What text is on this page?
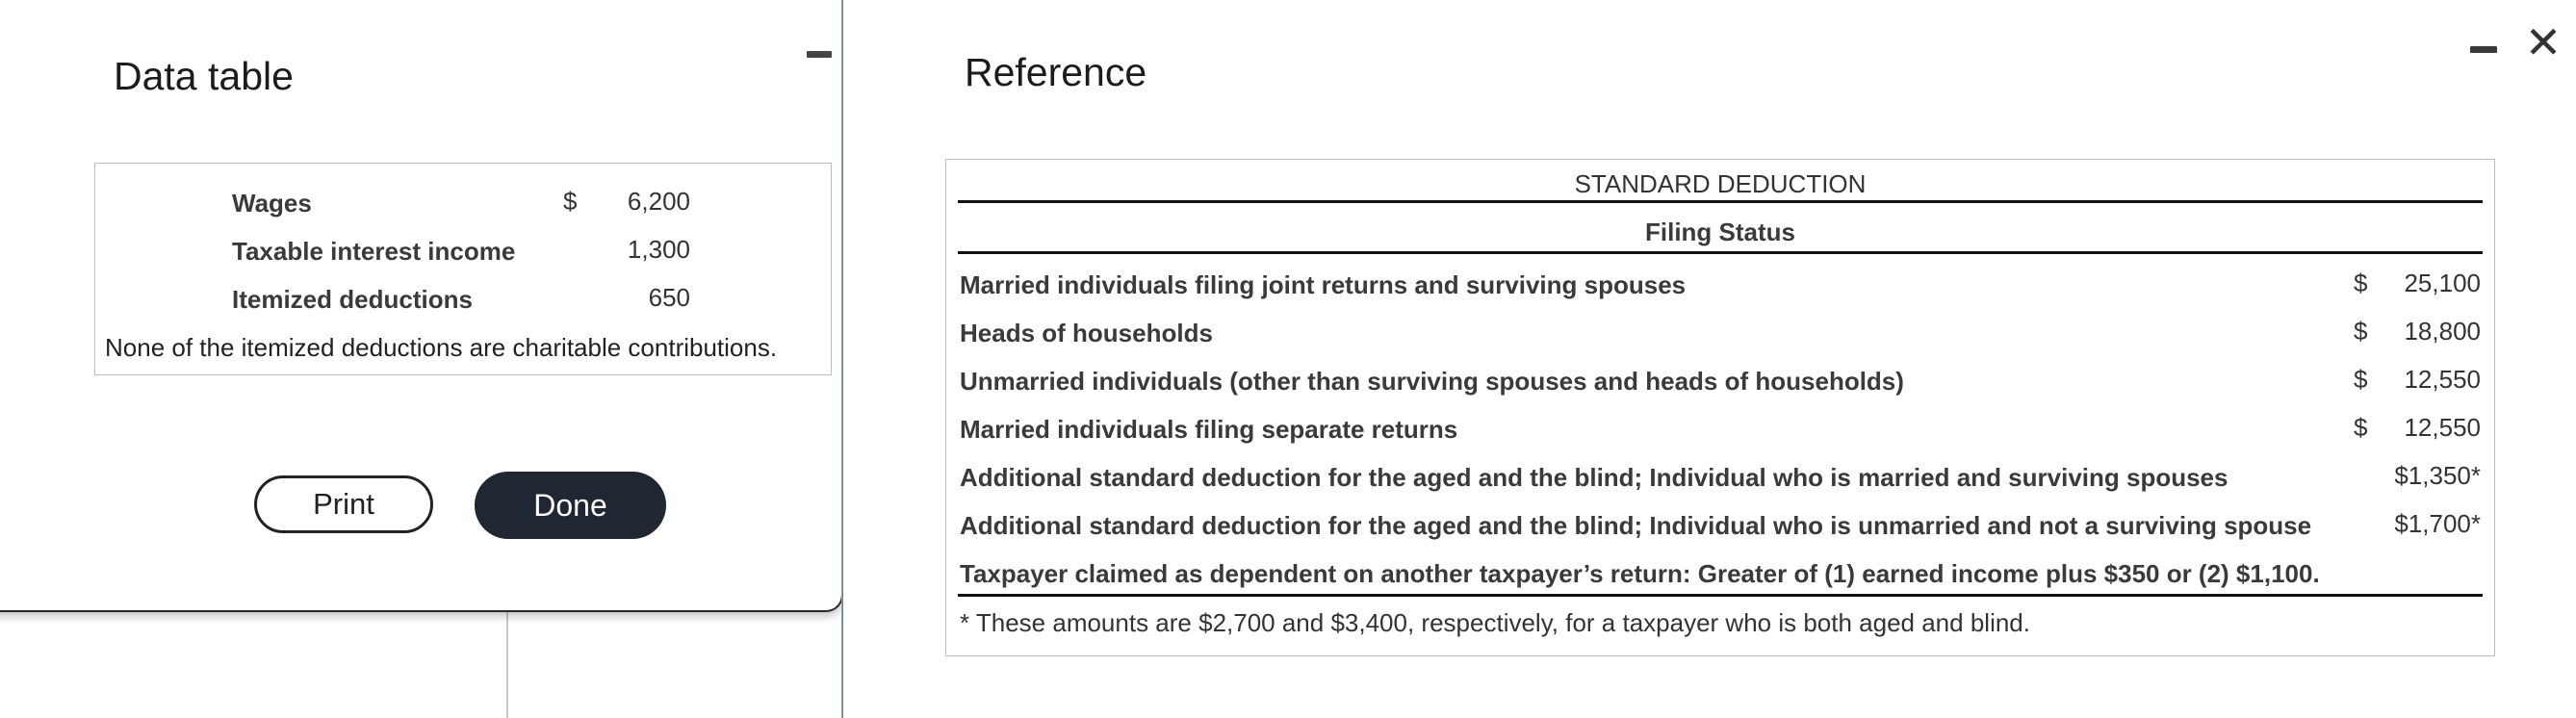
Data table
Wages	$ 6,200
Taxable interest income	1,300
Itemized deductions	650
None of the itemized deductions are charitable contributions.
Print	Done
Reference
✕
STANDARD DEDUCTION
Filing Status
Married individuals filing joint returns and surviving spouses	$ 25,100
Heads of households	$ 18,800
Unmarried individuals (other than surviving spouses and heads of households)	$ 12,550
Married individuals filing separate returns	$ 12,550
Additional standard deduction for the aged and the blind; Individual who is married and surviving spouses	$1,350*
Additional standard deduction for the aged and the blind; Individual who is unmarried and not a surviving spouse	$1,700*
Taxpayer claimed as dependent on another taxpayer’s return: Greater of (1) earned income plus $350 or (2) $1,100.
* These amounts are $2,700 and $3,400, respectively, for a taxpayer who is both aged and blind.
